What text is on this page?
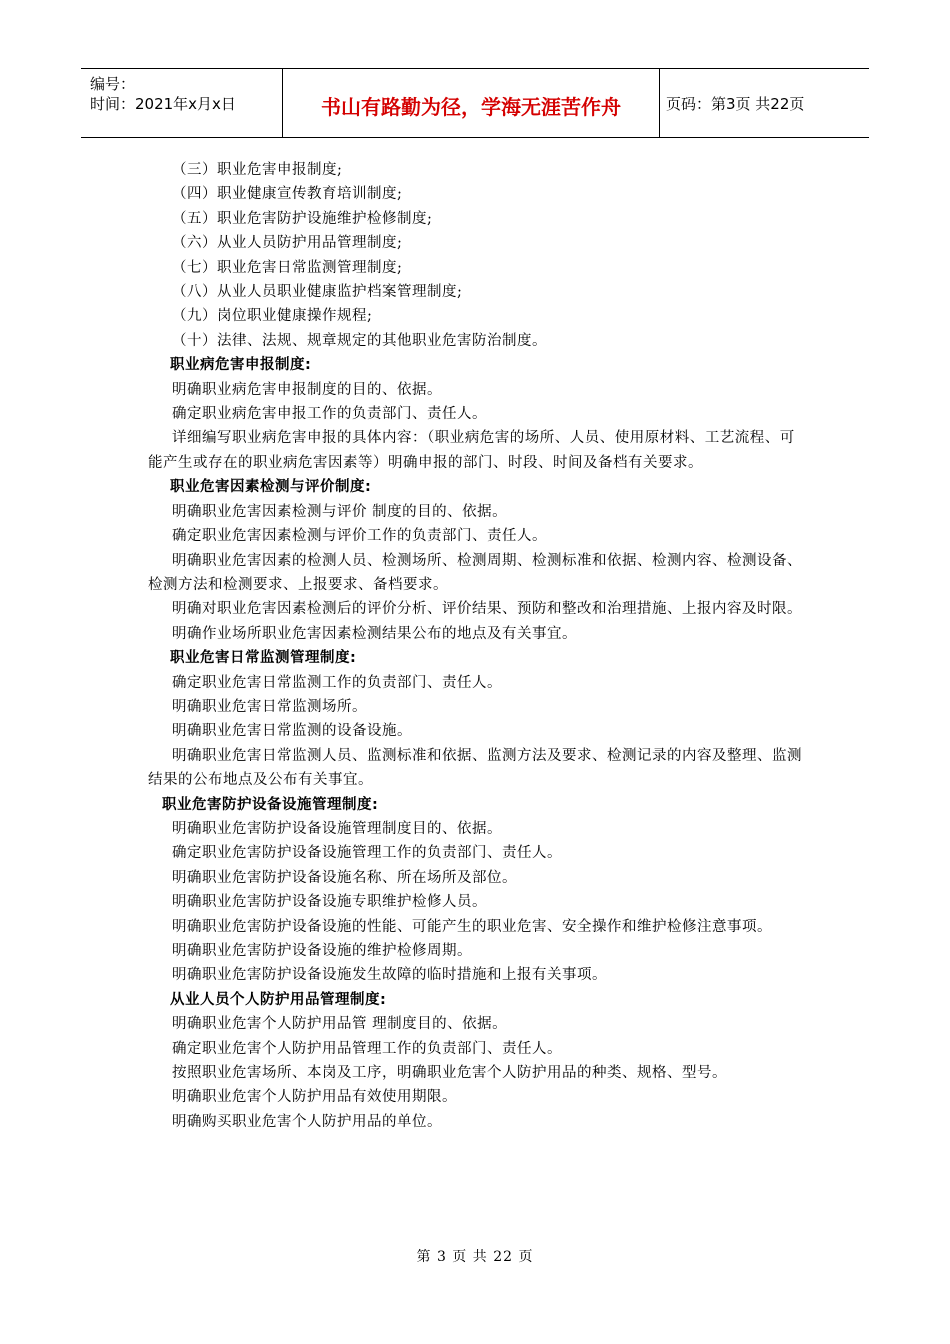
编号：
时间：2021年x月x日	书山有路勤为径，学海无涯苦作舟	页码：第3页 共22页
（三）职业危害申报制度;
（四）职业健康宣传教育培训制度;
（五）职业危害防护设施维护检修制度;
（六）从业人员防护用品管理制度;
（七）职业危害日常监测管理制度;
（八）从业人员职业健康监护档案管理制度;
（九）岗位职业健康操作规程;
（十）法律、法规、规章规定的其他职业危害防治制度。
职业病危害申报制度:
明确职业病危害申报制度的目的、依据。
确定职业病危害申报工作的负责部门、责任人。
详细编写职业病危害申报的具体内容：（职业病危害的场所、人员、使用原材料、工艺流程、可能产生或存在的职业病危害因素等）明确申报的部门、时段、时间及备档有关要求。
职业危害因素检测与评价制度:
明确职业危害因素检测与评价 制度的目的、依据。
确定职业危害因素检测与评价工作的负责部门、责任人。
明确职业危害因素的检测人员、检测场所、检测周期、检测标准和依据、检测内容、检测设备、检测方法和检测要求、上报要求、备档要求。
明确对职业危害因素检测后的评价分析、评价结果、预防和整改和治理措施、上报内容及时限。
明确作业场所职业危害因素检测结果公布的地点及有关事宜。
职业危害日常监测管理制度:
确定职业危害日常监测工作的负责部门、责任人。
明确职业危害日常监测场所。
明确职业危害日常监测的设备设施。
明确职业危害日常监测人员、监测标准和依据、监测方法及要求、检测记录的内容及整理、监测结果的公布地点及公布有关事宜。
职业危害防护设备设施管理制度:
明确职业危害防护设备设施管理制度目的、依据。
确定职业危害防护设备设施管理工作的负责部门、责任人。
明确职业危害防护设备设施名称、所在场所及部位。
明确职业危害防护设备设施专职维护检修人员。
明确职业危害防护设备设施的性能、可能产生的职业危害、安全操作和维护检修注意事项。
明确职业危害防护设备设施的维护检修周期。
明确职业危害防护设备设施发生故障的临时措施和上报有关事项。
从业人员个人防护用品管理制度:
明确职业危害个人防护用品管 理制度目的、依据。
确定职业危害个人防护用品管理工作的负责部门、责任人。
按照职业危害场所、本岗及工序，明确职业危害个人防护用品的种类、规格、型号。
明确职业危害个人防护用品有效使用期限。
明确购买职业危害个人防护用品的单位。
第 3 页 共 22 页
